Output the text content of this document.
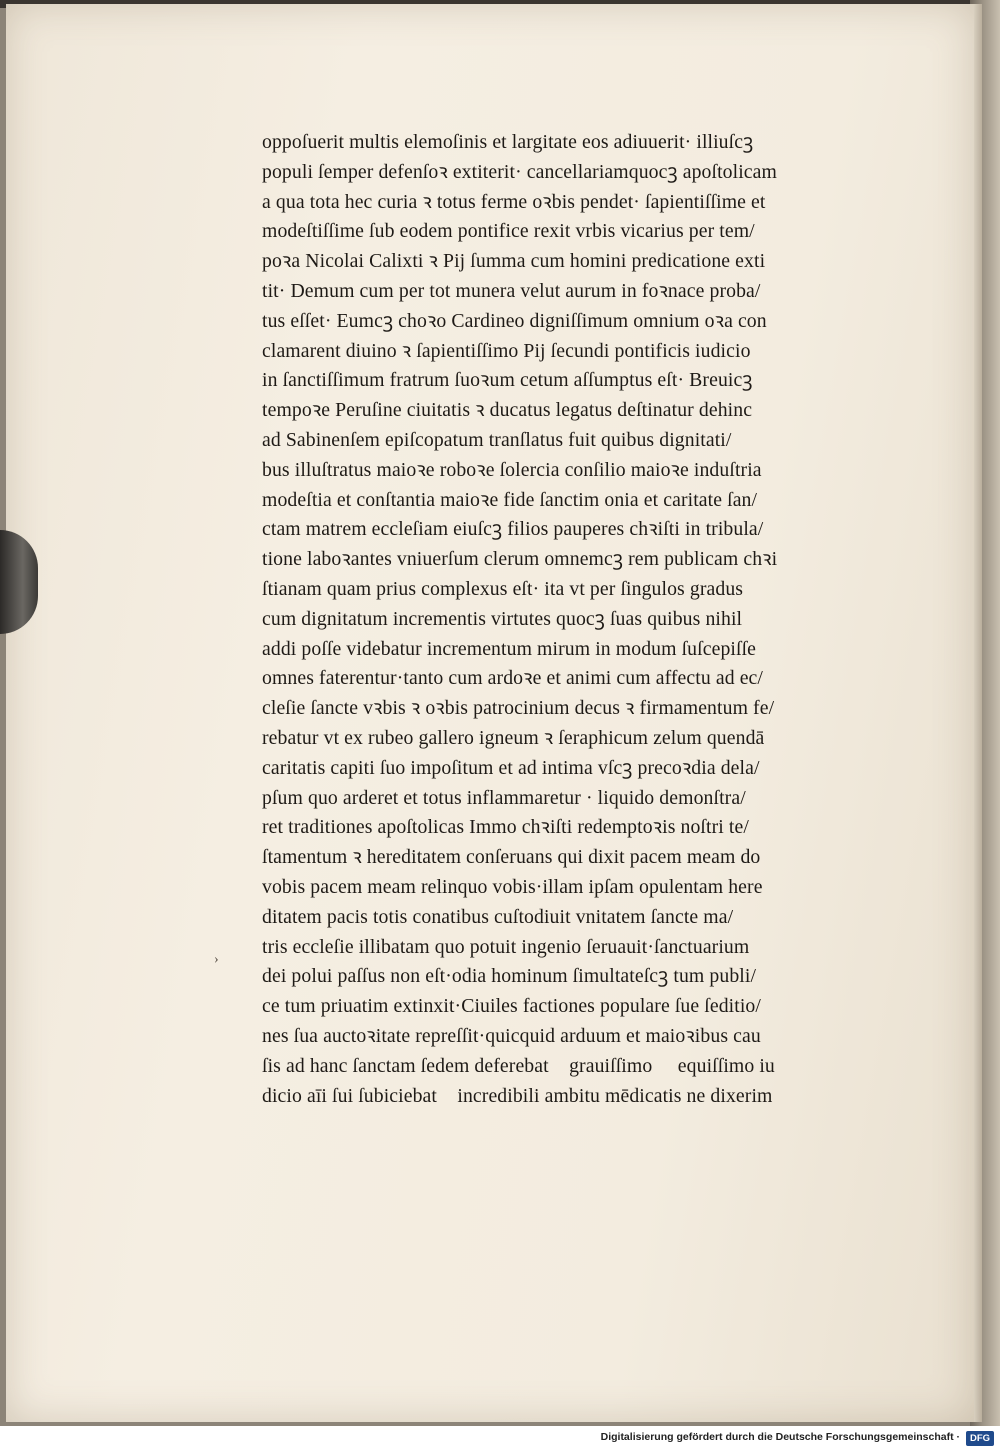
oppoſuerit multis elemoſinis et largitate eos adiuuerit· illiuſcꝫ
populi ſemper defenſoꝛ extiterit· cancellariamquocꝫ apoſtolicam
a qua tota hec curia ꝛ totus ferme oꝛbis pendet· ſapientiſſime et
modeſtiſſime ſub eodem pontifice rexit vrbis vicarius per tem/
poꝛa Nicolai Calixti ꝛ Pij ſumma cum homini predicatione exti
tit· Demum cum per tot munera velut aurum in foꝛnace proba/
tus eſſet· Eumcꝫ choꝛo Cardineo digniſſimum omnium oꝛa con
clamarent diuino ꝛ ſapientiſſimo Pij ſecundi pontificis iudicio
in ſanctiſſimum fratrum ſuoꝛum cetum aſſumptus eſt· Breuicꝫ
tempoꝛe Peruſine ciuitatis ꝛ ducatus legatus deſtinatur dehinc
ad Sabinenſem epiſcopatum tranſlatus fuit quibus dignitati/
bus illuſtratus maioꝛe roboꝛe ſolercia conſilio maioꝛe induſtria
modeſtia et conſtantia maioꝛe fide ſanctim onia et caritate ſan/
ctam matrem eccleſiam eiuſcꝫ filios pauperes chꝛiſti in tribula/
tione laboꝛantes vniuerſum clerum omnemcꝫ rem publicam chꝛi
ſtianam quam prius complexus eſt· ita vt per ſingulos gradus
cum dignitatum incrementis virtutes quocꝫ ſuas quibus nihil
addi poſſe videbatur incrementum mirum in modum ſuſcepiſſe
omnes faterentur·tanto cum ardoꝛe et animi cum affectu ad ec/
cleſie ſancte vꝛbis ꝛ oꝛbis patrocinium decus ꝛ firmamentum fe/
rebatur vt ex rubeo gallero igneum ꝛ ſeraphicum zelum quendā
caritatis capiti ſuo impoſitum et ad intima vſcꝫ precoꝛdia dela/
pſum quo arderet et totus inflammaretur · liquido demonſtra/
ret traditiones apoſtolicas Immo chꝛiſti redemptoꝛis noſtri te/
ſtamentum ꝛ hereditatem conſeruans qui dixit pacem meam do
vobis pacem meam relinquo vobis·illam ipſam opulentam here
ditatem pacis totis conatibus cuſtodiuit vnitatem ſancte ma/
tris eccleſie illibatam quo potuit ingenio ſeruauit·ſanctuarium
dei polui paſſus non eſt·odia hominum ſimultateſcꝫ tum publi/
ce tum priuatim extinxit·Ciuiles factiones populare ſue ſeditio/
nes ſua auctoꝛitate repreſſit·quicquid arduum et maioꝛibus cau
ſis ad hanc ſanctam ſedem deferebatᷣ grauiſſimo ꝛ equiſſimo iu
dicio aīi ſui ſubiciebatᷣ incredibili ambitu mēdicatis ne dixerim
›
Digitalisierung gefördert durch die Deutsche Forschungsgemeinschaft ·	DFG
